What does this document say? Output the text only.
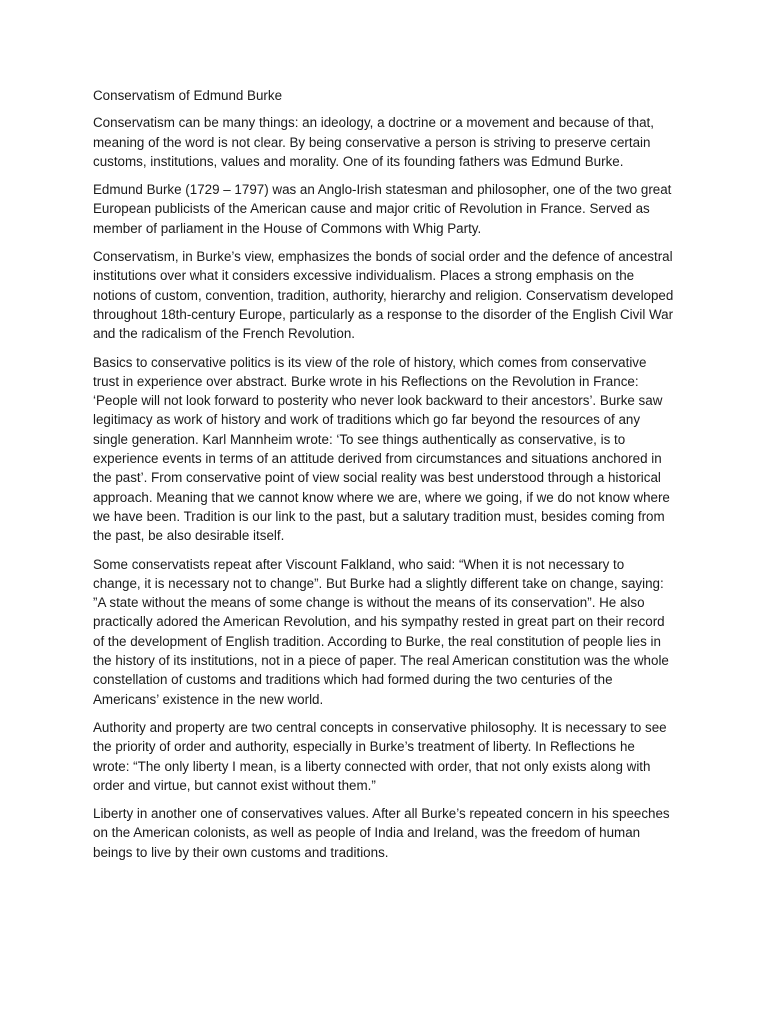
Conservatism of Edmund Burke

Conservatism can be many things: an ideology, a doctrine or a movement and because of that, meaning of the word is not clear. By being conservative a person is striving to preserve certain customs, institutions, values and morality. One of its founding fathers was Edmund Burke.

Edmund Burke (1729 – 1797) was an Anglo-Irish statesman and philosopher, one of the two great European publicists of the American cause and major critic of Revolution in France. Served as member of parliament in the House of Commons with Whig Party.

Conservatism, in Burke’s view, emphasizes the bonds of social order and the defence of ancestral institutions over what it considers excessive individualism. Places a strong emphasis on the notions of custom, convention, tradition, authority, hierarchy and religion. Conservatism developed throughout 18th-century Europe, particularly as a response to the disorder of the English Civil War and the radicalism of the French Revolution.

Basics to conservative politics is its view of the role of history, which comes from conservative trust in experience over abstract. Burke wrote in his Reflections on the Revolution in France: ‘People will not look forward to posterity who never look backward to their ancestors’. Burke saw legitimacy as work of history and work of traditions which go far beyond the resources of any single generation. Karl Mannheim wrote: ‘To see things authentically as conservative, is to experience events in terms of an attitude derived from circumstances and situations anchored in the past’. From conservative point of view social reality was best understood through a historical approach. Meaning that we cannot know where we are, where we going, if we do not know where we have been. Tradition is our link to the past, but a salutary tradition must, besides coming from the past, be also desirable itself.

Some conservatists repeat after Viscount Falkland, who said: “When it is not necessary to change, it is necessary not to change”. But Burke had a slightly different take on change, saying: ”A state without the means of some change is without the means of its conservation”. He also practically adored the American Revolution, and his sympathy rested in great part on their record of the development of English tradition. According to Burke, the real constitution of people lies in the history of its institutions, not in a piece of paper. The real American constitution was the whole constellation of customs and traditions which had formed during the two centuries of the Americans’ existence in the new world.

Authority and property are two central concepts in conservative philosophy. It is necessary to see the priority of order and authority, especially in Burke’s treatment of liberty. In Reflections he wrote: “The only liberty I mean, is a liberty connected with order, that not only exists along with order and virtue, but cannot exist without them.”

Liberty in another one of conservatives values. After all Burke’s repeated concern in his speeches on the American colonists, as well as people of India and Ireland, was the freedom of human beings to live by their own customs and traditions.
